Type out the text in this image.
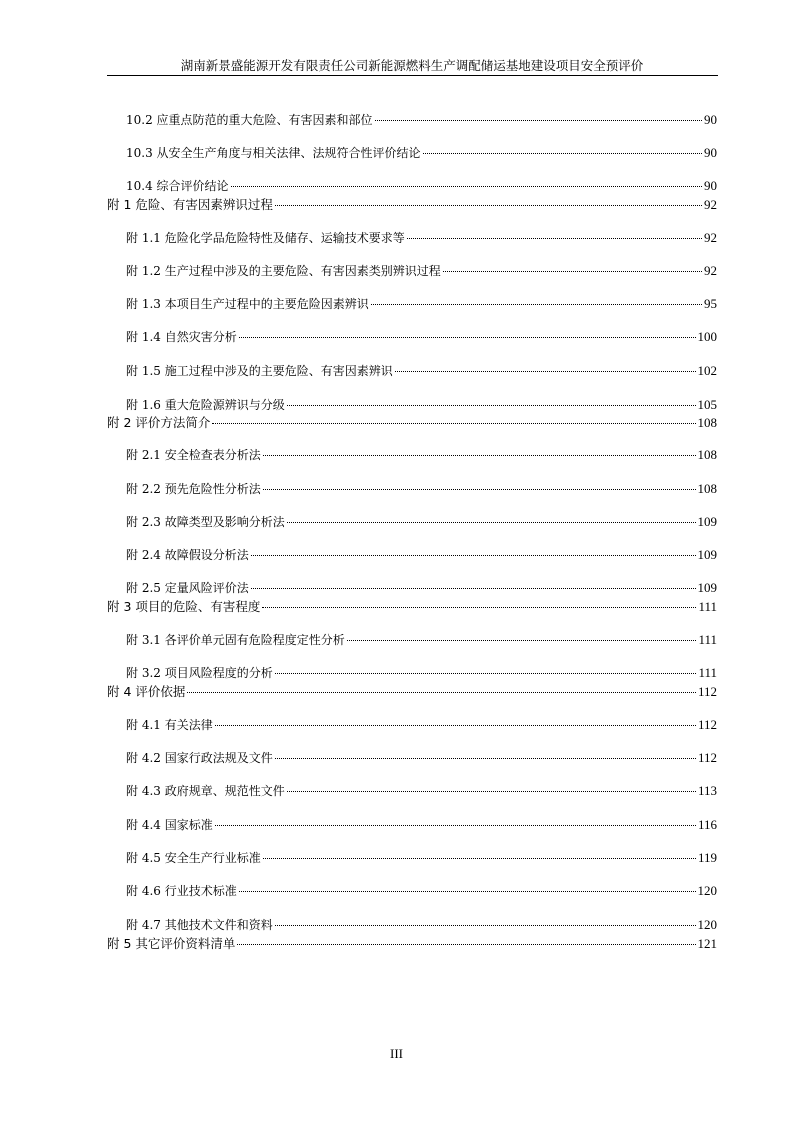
湖南新景盛能源开发有限责任公司新能源燃料生产调配储运基地建设项目安全预评价
10.2 应重点防范的重大危险、有害因素和部位	90
10.3 从安全生产角度与相关法律、法规符合性评价结论	90
10.4 综合评价结论	90
附 1 危险、有害因素辨识过程	92
附 1.1 危险化学品危险特性及储存、运输技术要求等	92
附 1.2 生产过程中涉及的主要危险、有害因素类别辨识过程	92
附 1.3 本项目生产过程中的主要危险因素辨识	95
附 1.4 自然灾害分析	100
附 1.5 施工过程中涉及的主要危险、有害因素辨识	102
附 1.6 重大危险源辨识与分级	105
附 2 评价方法简介	108
附 2.1 安全检查表分析法	108
附 2.2 预先危险性分析法	108
附 2.3 故障类型及影响分析法	109
附 2.4 故障假设分析法	109
附 2.5 定量风险评价法	109
附 3 项目的危险、有害程度	111
附 3.1 各评价单元固有危险程度定性分析	111
附 3.2 项目风险程度的分析	111
附 4 评价依据	112
附 4.1 有关法律	112
附 4.2 国家行政法规及文件	112
附 4.3 政府规章、规范性文件	113
附 4.4 国家标准	116
附 4.5 安全生产行业标准	119
附 4.6 行业技术标准	120
附 4.7 其他技术文件和资料	120
附 5 其它评价资料清单	121
III
